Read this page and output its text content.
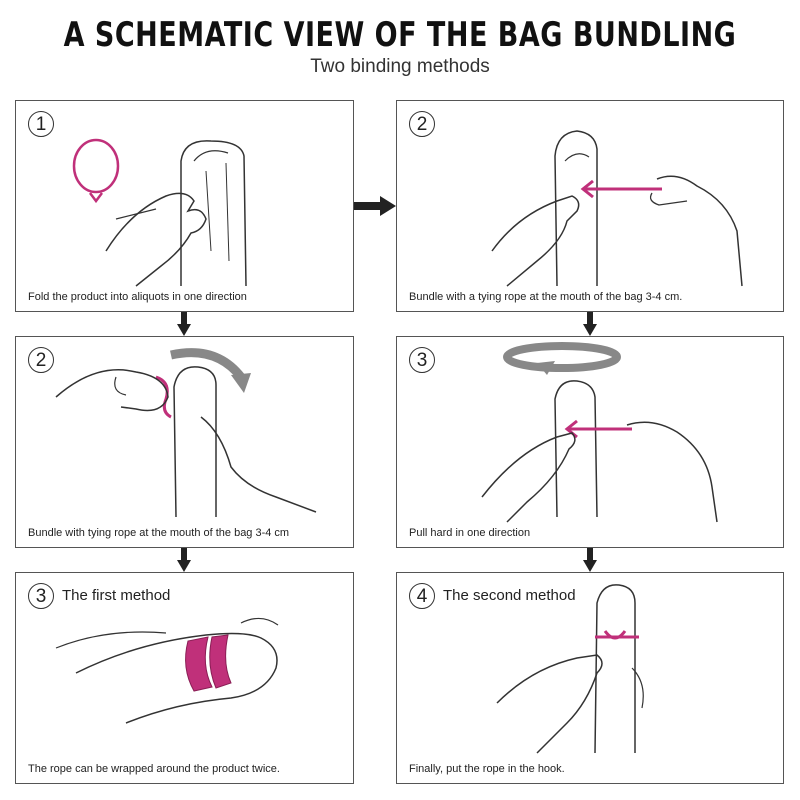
A SCHEMATIC VIEW OF THE BAG BUNDLING
Two binding methods
1
Fold the product into aliquots in one direction
2
Bundle with a tying rope at the mouth of the bag 3-4 cm.
2
Bundle with tying rope at the mouth of the bag 3-4 cm
3
Pull hard in one direction
3	The first method
The rope can be wrapped around the product twice.
4	The second method
Finally, put the rope in the hook.
